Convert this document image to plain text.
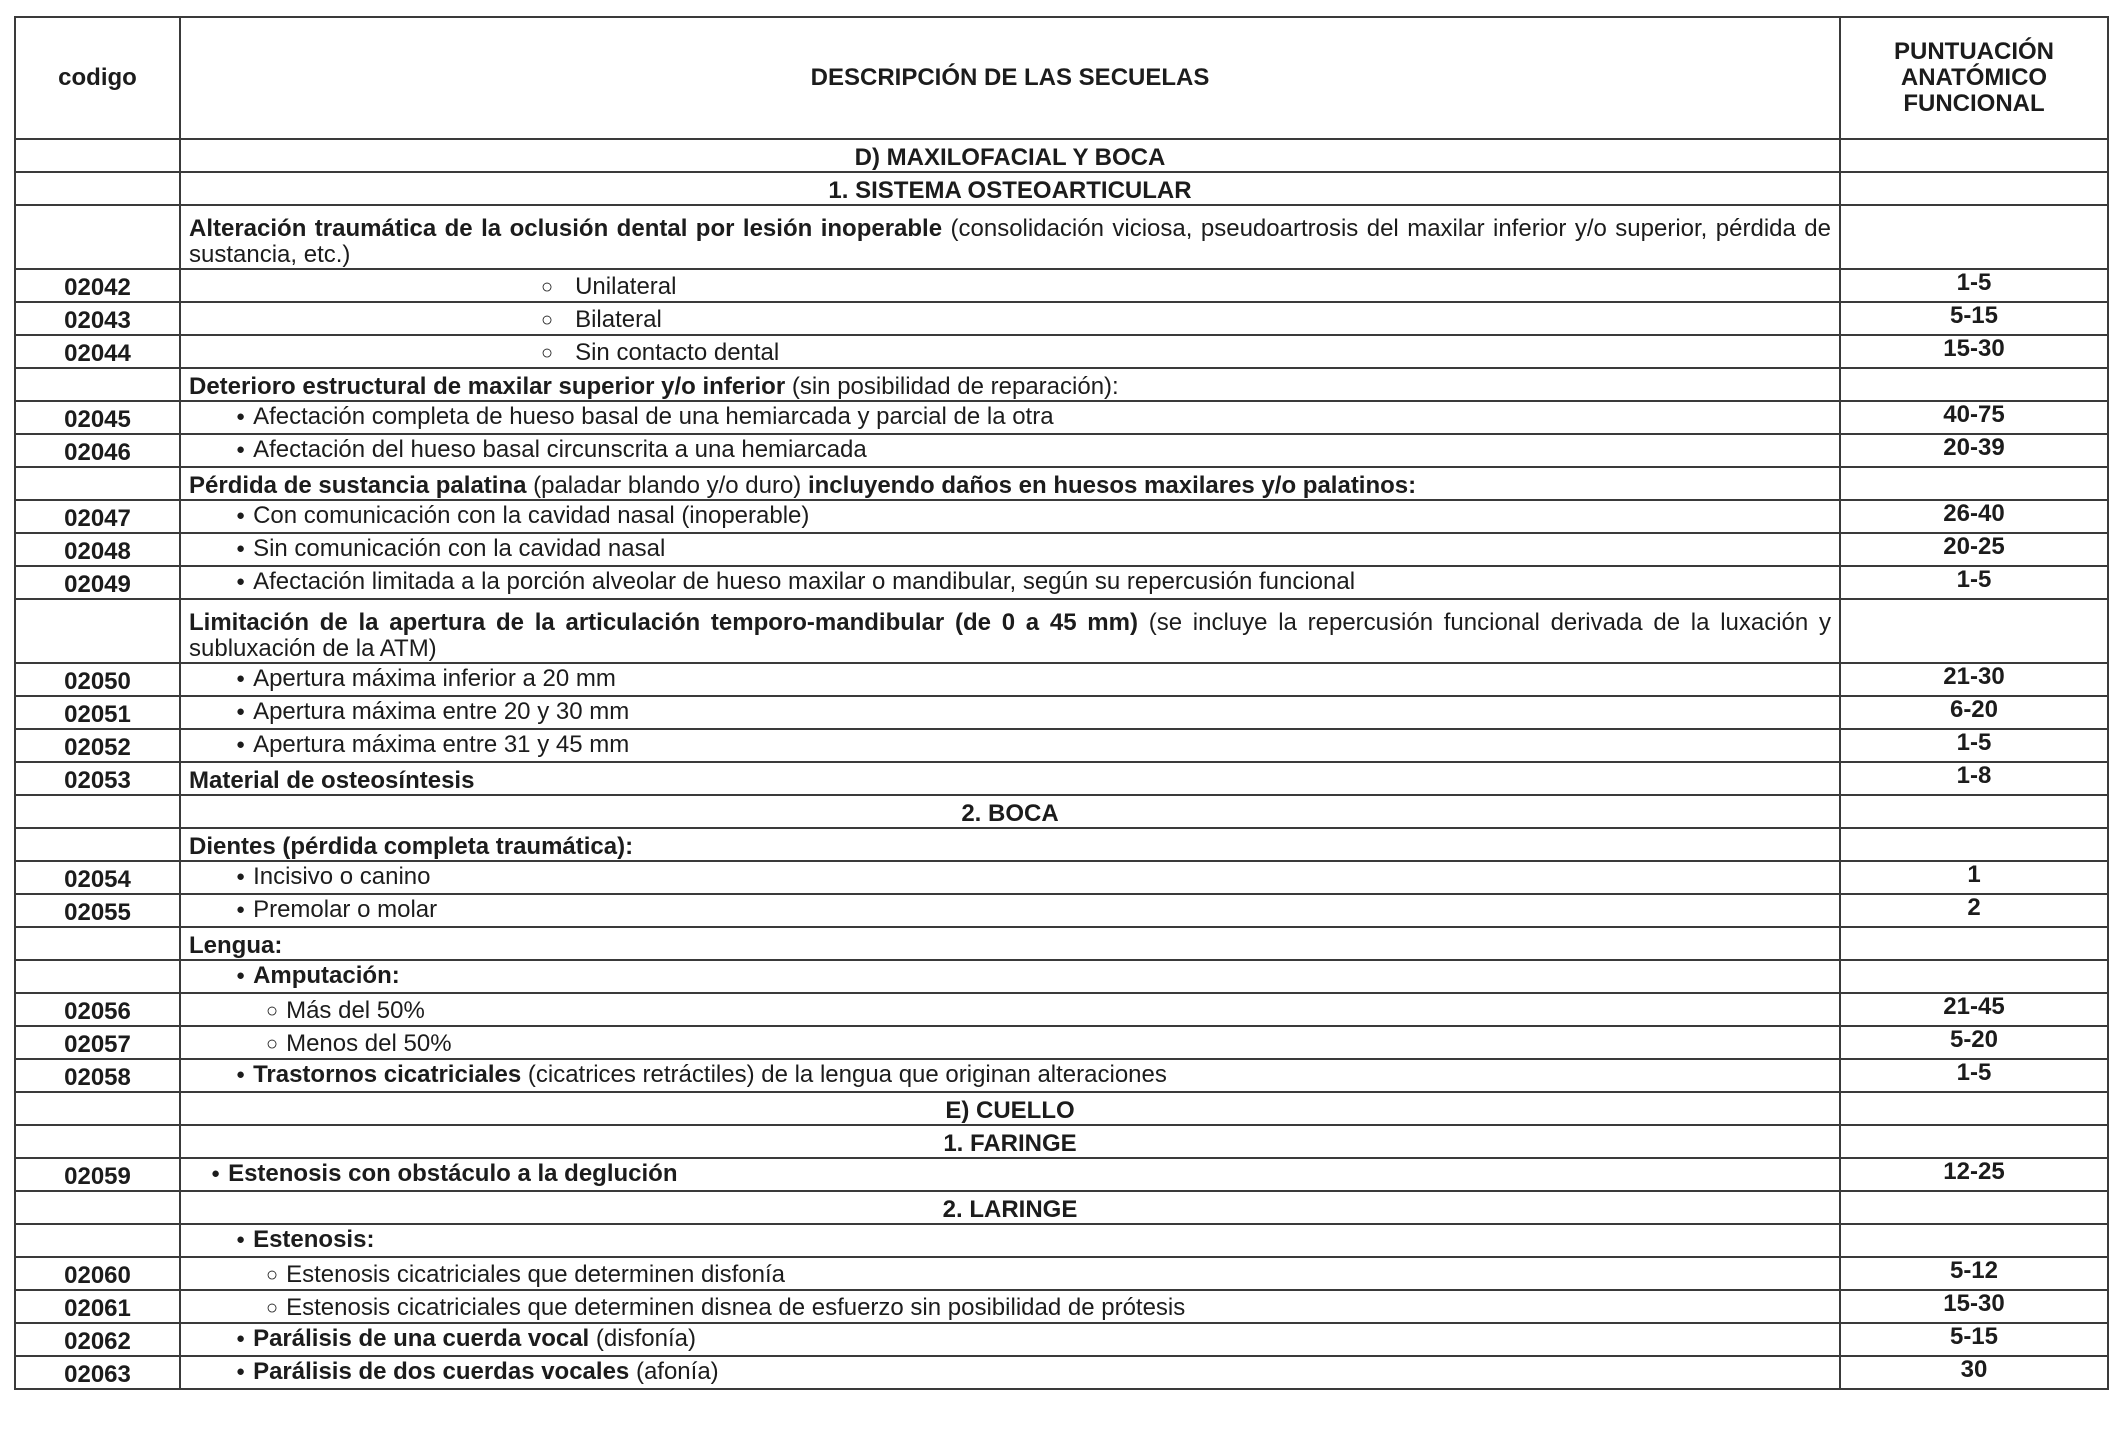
codigo	DESCRIPCIÓN DE LAS SECUELAS	PUNTUACIÓN
ANATÓMICO
FUNCIONAL

	D) MAXILOFACIAL Y BOCA	
	1. SISTEMA OSTEOARTICULAR	
	Alteración traumática de la oclusión dental por lesión inoperable (consolidación viciosa, pseudoartrosis del maxilar inferior y/o superior, pérdida de sustancia, etc.)	
02042	○ Unilateral	1-5
02043	○ Bilateral	5-15
02044	○ Sin contacto dental	15-30
	Deterioro estructural de maxilar superior y/o inferior (sin posibilidad de reparación):	
02045	● Afectación completa de hueso basal de una hemiarcada y parcial de la otra	40-75
02046	● Afectación del hueso basal circunscrita a una hemiarcada	20-39
	Pérdida de sustancia palatina (paladar blando y/o duro) incluyendo daños en huesos maxilares y/o palatinos:	
02047	● Con comunicación con la cavidad nasal (inoperable)	26-40
02048	● Sin comunicación con la cavidad nasal	20-25
02049	● Afectación limitada a la porción alveolar de hueso maxilar o mandibular, según su repercusión funcional	1-5
	Limitación de la apertura de la articulación temporo-mandibular (de 0 a 45 mm) (se incluye la repercusión funcional derivada de la luxación y subluxación de la ATM)	
02050	● Apertura máxima inferior a 20 mm	21-30
02051	● Apertura máxima entre 20 y 30 mm	6-20
02052	● Apertura máxima entre 31 y 45 mm	1-5
02053	Material de osteosíntesis	1-8
	2. BOCA	
	Dientes (pérdida completa traumática):	
02054	● Incisivo o canino	1
02055	● Premolar o molar	2
	Lengua:	
	● Amputación:	
02056	○ Más del 50%	21-45
02057	○ Menos del 50%	5-20
02058	● Trastornos cicatriciales (cicatrices retráctiles) de la lengua que originan alteraciones	1-5
	E) CUELLO	
	1. FARINGE	
02059	● Estenosis con obstáculo a la deglución	12-25
	2. LARINGE	
	● Estenosis:	
02060	○ Estenosis cicatriciales que determinen disfonía	5-12
02061	○ Estenosis cicatriciales que determinen disnea de esfuerzo sin posibilidad de prótesis	15-30
02062	● Parálisis de una cuerda vocal (disfonía)	5-15
02063	● Parálisis de dos cuerdas vocales (afonía)	30
